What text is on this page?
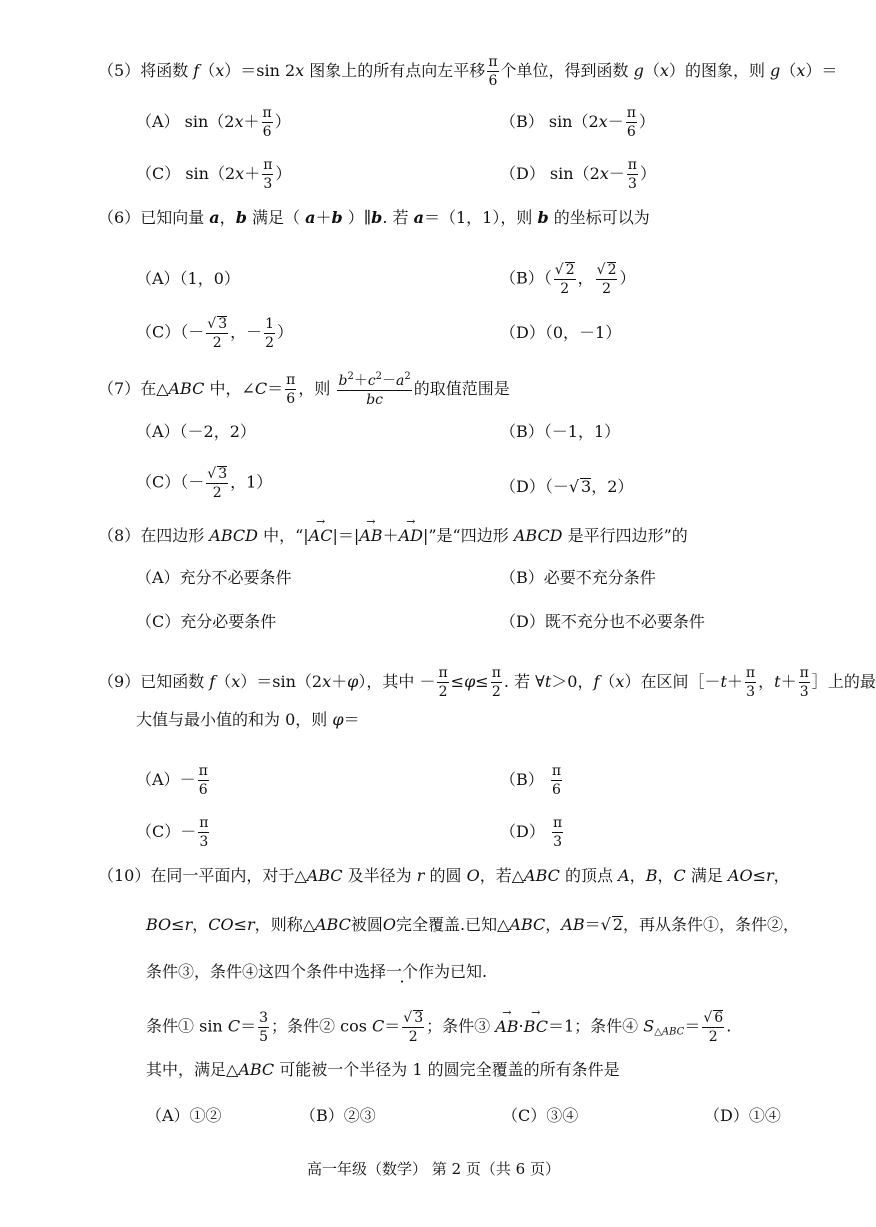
（5）将函数 f（x）＝sin 2x 图象上的所有点向左平移 $\frac{\pi}{6}$ 个单位，得到函数 g（x）的图象，则 g（x）＝
（A） $\sin(2x+ \frac{\pi}{6}$ ）	（B） $\sin(2x- \frac{\pi}{6}$ ）
（C） $\sin(2x+ \frac{\pi}{3}$ ）	（D） $\sin(2x- \frac{\pi}{3}$ ）
（6）已知向量 a，b 满足（ a＋b ）∥b. 若 a＝（1，1），则 b 的坐标可以为
（A）（1，0）	$(B)( \frac{√ 2}{2}$ ， $\frac{√ 2}{2}$ ）
$(C)(- \frac{√ 3}{2}$ ，－ $\frac{1}{2}$ ）	（D）（0，－1）
（7）在△ABC 中，∠C＝ $\frac{\pi}{6}$ ，则 $\frac{b^2+c^2-a^2}{bc}$ 的取值范围是
（A）（－2，2）	（B）（－1，1）
$(C)(- \frac{√ 3}{2}$ ，1）	（D）（－√ 3，2）
（8）在四边形 ABCD 中，“|→ AC|＝|→ AB＋→ AD|”是“四边形 ABCD 是平行四边形”的
（A）充分不必要条件	（B）必要不充分条件
（C）充分必要条件	（D）既不充分也不必要条件
（9）已知函数 f（x）＝sin（2x＋φ），其中 － $\frac{\pi}{2} \le\varphi\le \frac{\pi}{2}$ . 若 ∀t＞0，f（x）在区间［－t＋ $\frac{\pi}{3}$ ，$t+ \frac{\pi}{3}$ ］上的最
大值与最小值的和为 0，则 φ＝
$(A)- \frac{\pi}{6}$	$(B) \frac{\pi}{6}$
$(C)- \frac{\pi}{3}$	$(D) \frac{\pi}{3}$
（10）在同一平面内，对于△ABC 及半径为 r 的圆 O，若△ABC 的顶点 A，B，C 满足 AO≤r，
BO≤r，CO≤r，则称△ABC被圆O完全覆盖.已知△ABC，AB＝√ 2，再从条件①，条件②，
条件③，条件④这四个条件中选择一个作为已知.
条件① $\sin C= \frac{3}{5}$ ；条件② $\cos C= \frac{√ 3}{2}$ ；条件③ → AB·→ BC＝1；条件④ $S_{\triangle ABC}= \frac{√ 6}{2}$ .
其中，满足△ABC 可能被一个半径为 1 的圆完全覆盖的所有条件是
（A）①②	（B）②③	（C）③④	（D）①④
高一年级（数学） 第 2 页（共 6 页）
